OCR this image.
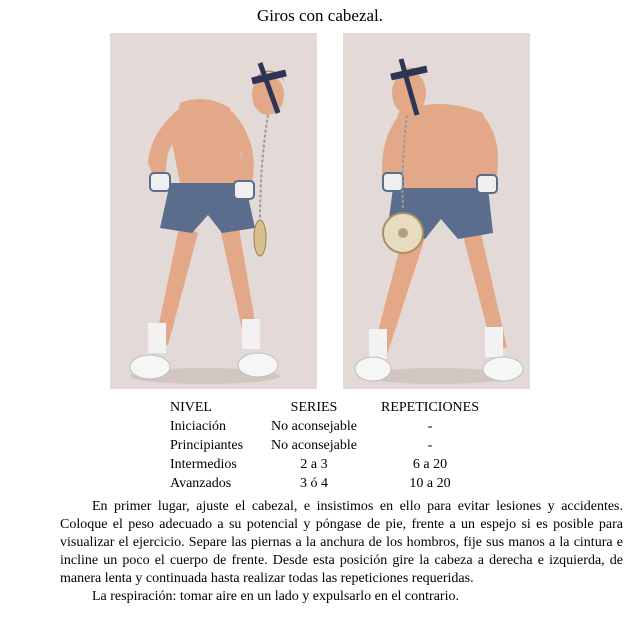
Giros con cabezal.
NIVEL	SERIES	REPETICIONES
Iniciación	No aconsejable	-
Principiantes	No aconsejable	-
Intermedios	2 a 3	6 a 20
Avanzados	3 ó 4	10 a 20

En primer lugar, ajuste el cabezal, e insistimos en ello para evitar lesiones y accidentes. Coloque el peso adecuado a su potencial y póngase de pie, frente a un espejo si es posible para visualizar el ejercicio. Separe las piernas a la anchura de los hombros, fije sus manos a la cintura e incline un poco el cuerpo de frente. Desde esta posición gire la cabeza a derecha e izquierda, de manera lenta y continuada hasta realizar todas las repeticiones requeridas.

La respiración: tomar aire en un lado y expulsarlo en el contrario.
